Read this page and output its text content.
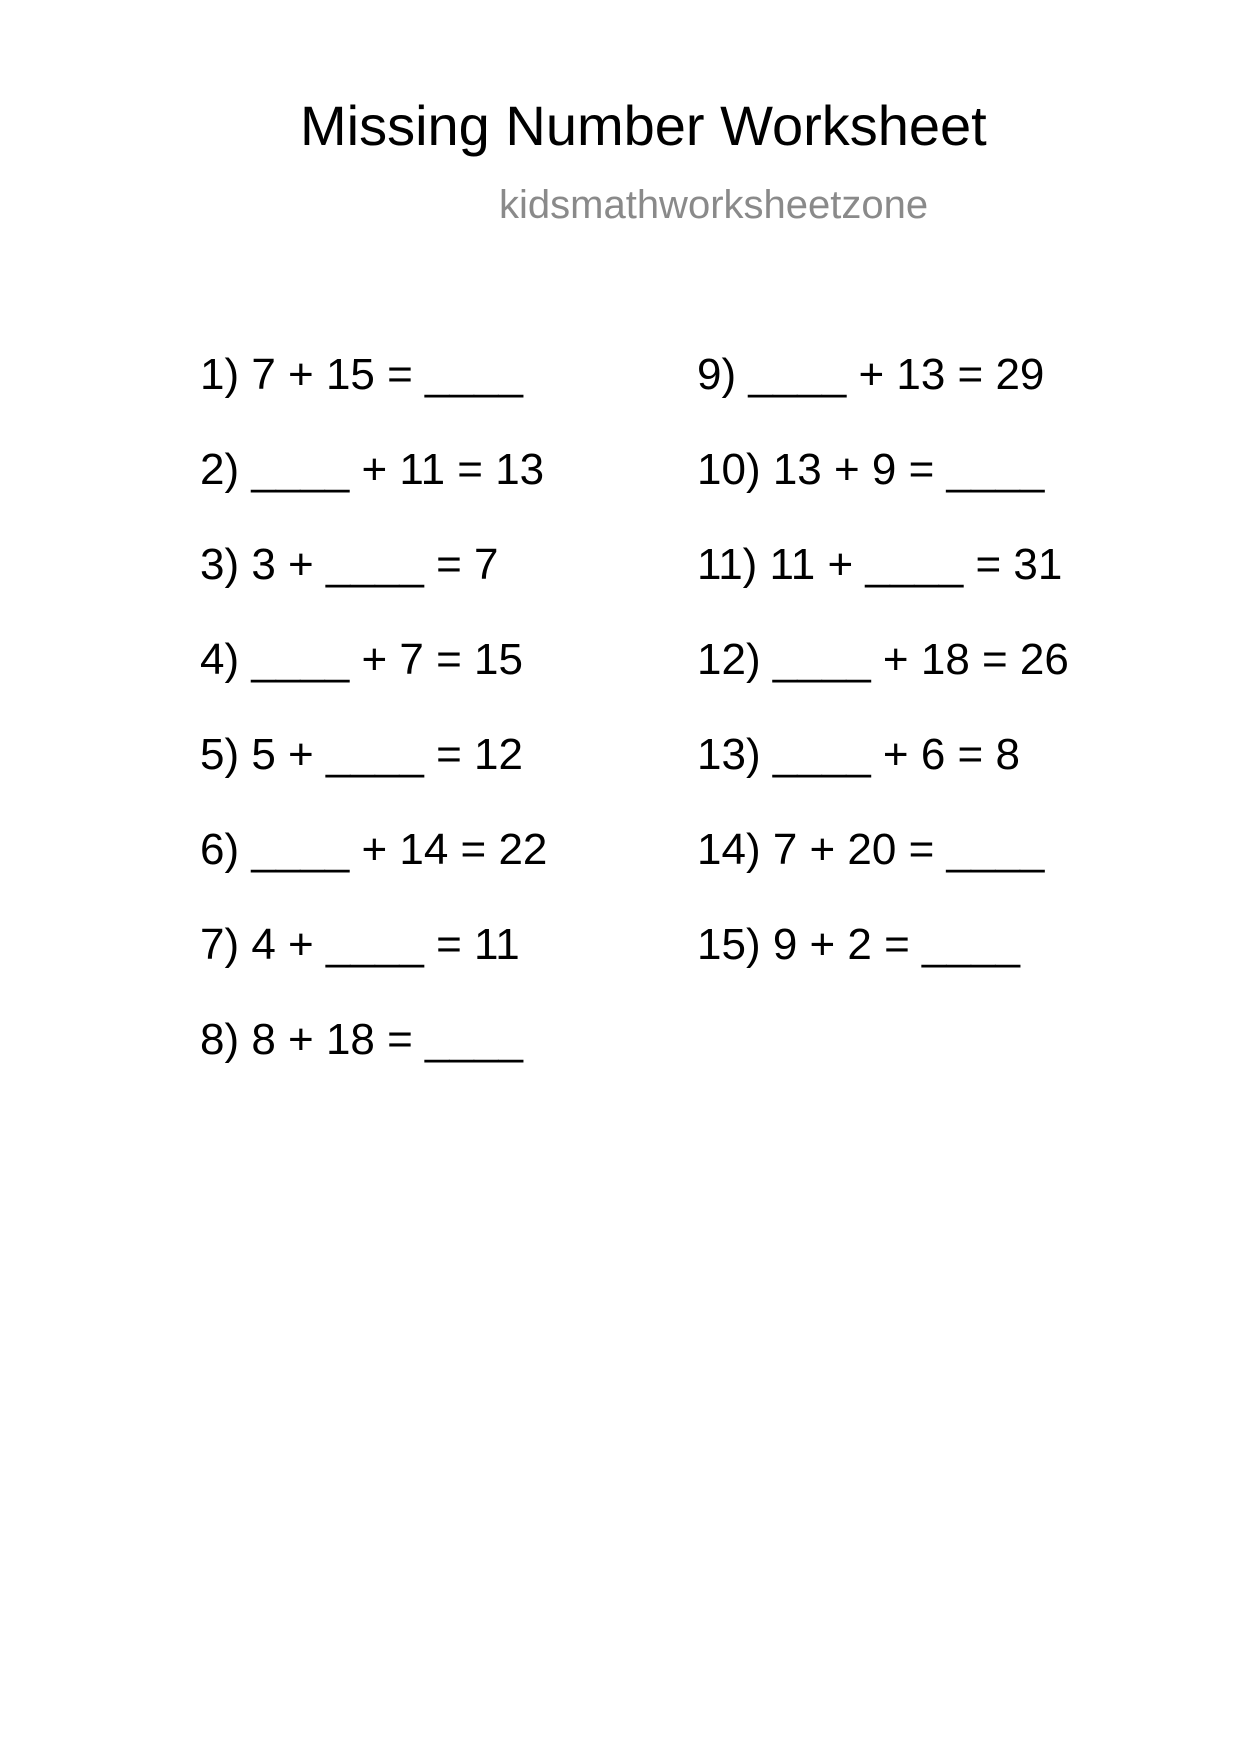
Missing Number Worksheet
kidsmathworksheetzone
1) 7 + 15 = ____
2) ____ + 11 = 13
3) 3 + ____ = 7
4) ____ + 7 = 15
5) 5 + ____ = 12
6) ____ + 14 = 22
7) 4 + ____ = 11
8) 8 + 18 = ____
9) ____ + 13 = 29
10) 13 + 9 = ____
11) 11 + ____ = 31
12) ____ + 18 = 26
13) ____ + 6 = 8
14) 7 + 20 = ____
15) 9 + 2 = ____
